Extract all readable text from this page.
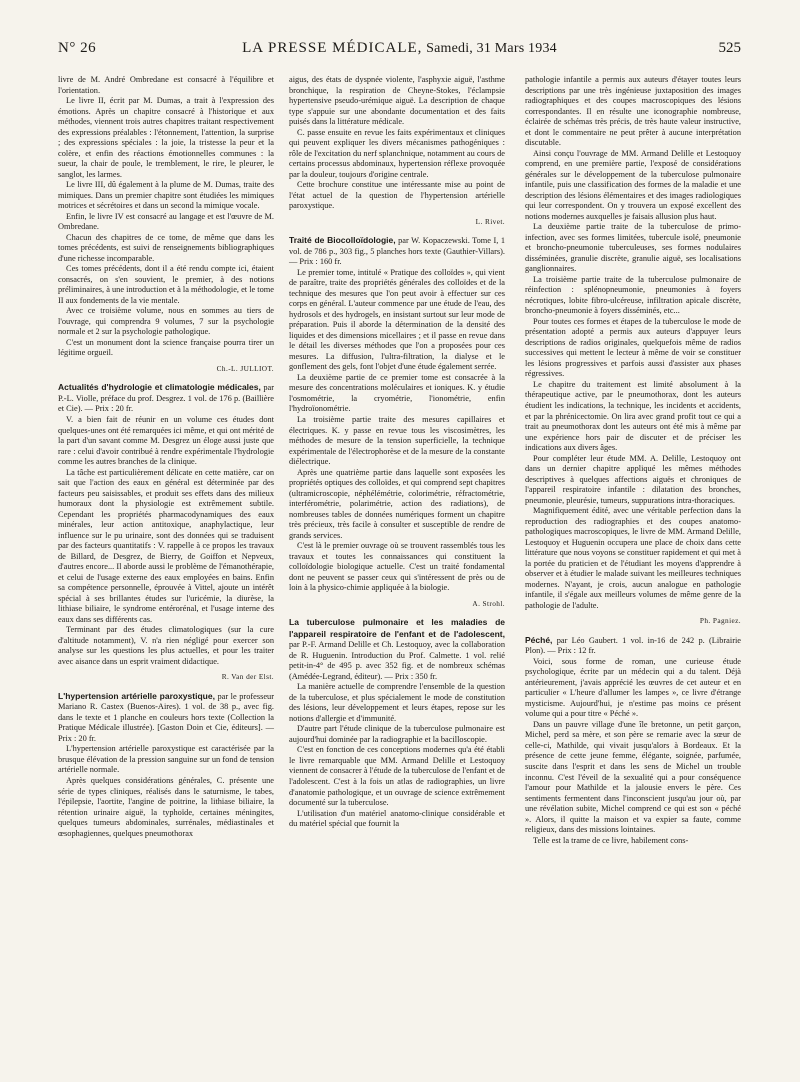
N° 26	LA PRESSE MÉDICALE, Samedi, 31 Mars 1934	525

livre de M. André Ombredane est consacré à l'équilibre et l'orientation.

Le livre II, écrit par M. Dumas, a trait à l'expression des émotions. Après un chapitre consacré à l'historique et aux méthodes, viennent trois autres chapitres traitant respectivement des expressions préalables : l'étonnement, l'attention, la surprise ; des expressions spéciales : la joie, la tristesse la peur et la colère, et enfin des réactions émotionnelles communes : la sueur, la chair de poule, le tremblement, le rire, le pleurer, le sanglot, les larmes.

Le livre III, dû également à la plume de M. Dumas, traite des mimiques. Dans un premier chapitre sont étudiées les mimiques motrices et sécrétoires et dans un second la mimique vocale.

Enfin, le livre IV est consacré au langage et est l'œuvre de M. Ombredane.

Chacun des chapitres de ce tome, de même que dans les tomes précédents, est suivi de renseignements bibliographiques d'une richesse incomparable.

Ces tomes précédents, dont il a été rendu compte ici, étaient consacrés, on s'en souvient, le premier, à des notions préliminaires, à une introduction et à la méthodologie, et le tome II aux fondements de la vie mentale.

Avec ce troisième volume, nous en sommes au tiers de l'ouvrage, qui comprendra 9 volumes, 7 sur la psychologie normale et 2 sur la psychologie pathologique.

C'est un monument dont la science française pourra tirer un légitime orgueil.

Ch.-L. JULLIOT.
Actualités d'hydrologie et climatologie médicales, par P.-L. Violle, préface du prof. Desgrez. 1 vol. de 176 p. (Baillière et Cie). — Prix : 20 fr.

V. a bien fait de réunir en un volume ces études dont quelques-unes ont été remarquées ici même, et qui ont mérité de la part d'un savant comme M. Desgrez un éloge aussi juste que rare : celui d'avoir contribué à rendre expérimentale l'hydrologie comme les autres branches de la clinique.

La tâche est particulièrement délicate en cette matière, car on sait que l'action des eaux en général est déterminée par des facteurs peu saisissables, et produit ses effets dans des milieux humoraux dont la physiologie est extrêmement subtile. Cependant les propriétés pharmacodynamiques des eaux minérales, leur action antitoxique, anaphylactique, leur influence sur le pu urinaire, sont des données qui se traduisent par des facteurs quantitatifs : V. rappelle à ce propos les travaux de Billard, de Desgrez, de Bierry, de Goiffon et Nepveux, d'autres encore... Il aborde aussi le problème de l'émanothérapie, et celui de l'usage externe des eaux employées en bains. Enfin sa compétence personnelle, éprouvée à Vittel, ajoute un intérêt spécial à ses brillantes études sur l'uricémie, la diurèse, la lithiase biliaire, le syndrome entérorénal, et l'usage interne des eaux dans ses différents cas.

Terminant par des études climatologiques (sur la cure d'altitude notamment), V. n'a rien négligé pour exercer son analyse sur les questions les plus actuelles, et pour les traiter avec aisance dans un esprit vraiment didactique.

R. Van der Elst.
L'hypertension artérielle paroxystique, par le professeur Mariano R. Castex (Buenos-Aires). 1 vol. de 38 p., avec fig. dans le texte et 1 planche en couleurs hors texte (Collection la Pratique Médicale illustrée). [Gaston Doin et Cie, éditeurs]. — Prix : 20 fr.

L'hypertension artérielle paroxystique est caractérisée par la brusque élévation de la pression sanguine sur un fond de tension artérielle normale.

Après quelques considérations générales, C. présente une série de types cliniques, réalisés dans le saturnisme, le tabes, l'épilepsie, l'aortite, l'angine de poitrine, la lithiase biliaire, la rétention urinaire aiguë, la typhoïde, certaines méningites, quelques tumeurs abdominales, surrénales, médiastinales et œsophagiennes, quelques pneumothorax

aigus, des états de dyspnée violente, l'asphyxie aiguë, l'asthme bronchique, la respiration de Cheyne-Stokes, l'éclampsie hypertensive pseudo-urémique aiguë. La description de chaque type s'appuie sur une abondante documentation et des faits puisés dans la littérature médicale.

C. passe ensuite en revue les faits expérimentaux et cliniques qui peuvent expliquer les divers mécanismes pathogéniques : rôle de l'excitation du nerf splanchnique, notamment au cours de certains processus abdominaux, hypertension réflexe provoquée par la douleur, toujours d'origine centrale.

Cette brochure constitue une intéressante mise au point de l'état actuel de la question de l'hypertension artérielle paroxystique.

L. Rivet.
Traité de Biocolloïdologie, par W. Kopaczewski. Tome I, 1 vol. de 786 p., 303 fig., 5 planches hors texte (Gauthier-Villars). — Prix : 160 fr.

Le premier tome, intitulé « Pratique des colloïdes », qui vient de paraître, traite des propriétés générales des colloïdes et de la technique des mesures que l'on peut avoir à effectuer sur ces corps en général. L'auteur commence par une étude de l'eau, des hydrosols et des hydrogels, en insistant surtout sur leur mode de préparation. Puis il aborde la détermination de la densité des liquides et des dimensions micellaires ; et il passe en revue dans le détail les diverses méthodes que l'on a proposées pour ces mesures. La diffusion, l'ultra-filtration, la dialyse et le gonflement des gels, font l'objet d'une étude également serrée.

La deuxième partie de ce premier tome est consacrée à la mesure des concentrations moléculaires et ioniques. K. y étudie l'osmométrie, la cryométrie, l'ionométrie, enfin l'hydroïonométrie.

La troisième partie traite des mesures capillaires et électriques. K. y passe en revue tous les viscosimètres, les méthodes de mesure de la tension superficielle, la technique expérimentale de l'électrophorèse et de la mesure de la constante diélectrique.

Après une quatrième partie dans laquelle sont exposées les propriétés optiques des colloïdes, et qui comprend sept chapitres (ultramicroscopie, néphélémétrie, colorimétrie, réfractométrie, interférométrie, polarimétrie, action des radiations), de nombreuses tables de données numériques forment un chapitre très précieux, très facile à consulter et susceptible de rendre de grands services.

C'est là le premier ouvrage où se trouvent rassemblés tous les travaux et toutes les connaissances qui constituent la colloïdologie biologique actuelle. C'est un traité fondamental dont ne peuvent se passer ceux qui s'intéressent de près ou de loin à la physico-chimie appliquée à la biologie.

A. Strohl.
La tuberculose pulmonaire et les maladies de l'appareil respiratoire de l'enfant et de l'adolescent, par P.-F. Armand Delille et Ch. Lestoquoy, avec la collaboration de R. Huguenin. Introduction du Prof. Calmette. 1 vol. relié petit-in-4° de 495 p. avec 352 fig. et de nombreux schémas (Amédée-Legrand, éditeur). — Prix : 350 fr.

La manière actuelle de comprendre l'ensemble de la question de la tuberculose, et plus spécialement le mode de constitution des lésions, leur développement et leurs étapes, repose sur les notions d'allergie et d'immunité.

D'autre part l'étude clinique de la tuberculose pulmonaire est aujourd'hui dominée par la radiographie et la bacilloscopie.

C'est en fonction de ces conceptions modernes qu'a été établi le livre remarquable que MM. Armand Delille et Lestoquoy viennent de consacrer à l'étude de la tuberculose de l'enfant et de l'adolescent. C'est à la fois un atlas de radiographies, un livre d'anatomie pathologique, et un ouvrage de science extrêmement documenté sur la tuberculose.

L'utilisation d'un matériel anatomo-clinique considérable et du matériel spécial que fournit la

pathologie infantile a permis aux auteurs d'étayer toutes leurs descriptions par une très ingénieuse juxtaposition des images radiographiques et des coupes macroscopiques des lésions correspondantes. Il en résulte une iconographie nombreuse, éclairée de schémas très précis, de très haute valeur instructive, et dont le commentaire ne peut prêter à aucune interprétation discutable.

Ainsi conçu l'ouvrage de MM. Armand Delille et Lestoquoy comprend, en une première partie, l'exposé de considérations générales sur le développement de la tuberculose pulmonaire infantile, puis une classification des formes de la maladie et une description des lésions élémentaires et des images radiologiques qui leur correspondent. On y trouvera un exposé excellent des notions modernes auxquelles je faisais allusion plus haut.

La deuxième partie traite de la tuberculose de primo-infection, avec ses formes limitées, tubercule isolé, pneumonie et broncho-pneumonie tuberculeuses, ses formes nodulaires disséminées, granulie discrète, granulie aiguë, ses localisations ganglionnaires.

La troisième partie traite de la tuberculose pulmonaire de réinfection : splénopneumonie, pneumonies à foyers nécrotiques, lobite fibro-ulcéreuse, infiltration apicale discrète, broncho-pneumonie à foyers disséminés, etc...

Pour toutes ces formes et étapes de la tuberculose le mode de présentation adopté a permis aux auteurs d'appuyer leurs descriptions de radios originales, quelquefois même de radios successives qui mettent le lecteur à même de voir se constituer les lésions progressives et parfois aussi d'assister aux phases régressives.

Le chapitre du traitement est limité absolument à la thérapeutique active, par le pneumothorax, dont les auteurs étudient les indications, la technique, les incidents et accidents, et par la phrénicectomie. On lira avec grand profit tout ce qui a trait au pneumothorax dont les auteurs ont été mis à même par une expérience hors pair de discuter et de préciser les indications aux divers âges.

Pour compléter leur étude MM. A. Delille, Lestoquoy ont dans un dernier chapitre appliqué les mêmes méthodes descriptives à quelques affections aiguës et chroniques de l'appareil respiratoire infantile : dilatation des bronches, pneumonie, pleurésie, tumeurs, suppurations intra-thoraciques.

Magnifiquement édité, avec une véritable perfection dans la reproduction des radiographies et des coupes anatomo-pathologiques macroscopiques, le livre de MM. Armand Delille, Lestoquoy et Huguenin occupera une place de choix dans cette littérature que nous voyons se constituer rapidement et qui met à la portée du praticien et de l'étudiant les moyens d'apprendre à observer et à étudier le malade suivant les meilleures techniques modernes. N'ayant, je crois, aucun analogue en pathologie infantile, il s'égale aux meilleurs volumes de même genre de la pathologie de l'adulte.

Ph. Pagniez.
Péché, par Léo Gaubert. 1 vol. in-16 de 242 p. (Librairie Plon). — Prix : 12 fr.

Voici, sous forme de roman, une curieuse étude psychologique, écrite par un médecin qui a du talent. Déjà antérieurement, j'avais apprécié les œuvres de cet auteur et en particulier « L'heure d'allumer les lampes », ce livre d'étrange mysticisme. Aujourd'hui, je n'estime pas moins ce présent volume qui a pour titre « Péché ».

Dans un pauvre village d'une île bretonne, un petit garçon, Michel, perd sa mère, et son père se remarie avec la sœur de celle-ci, Mathilde, qui vivait jusqu'alors à Bordeaux. Et la présence de cette jeune femme, élégante, soignée, parfumée, suscite dans l'esprit et dans les sens de Michel un trouble inconnu. C'est l'éveil de la sexualité qui a pour conséquence l'amour pour Mathilde et la jalousie envers le père. Ces sentiments fermentent dans l'inconscient jusqu'au jour où, par une révélation subite, Michel comprend ce qui est son « péché ». Alors, il quitte la maison et va expier sa faute, comme religieux, dans des missions lointaines.

Telle est la trame de ce livre, habilement cons-
